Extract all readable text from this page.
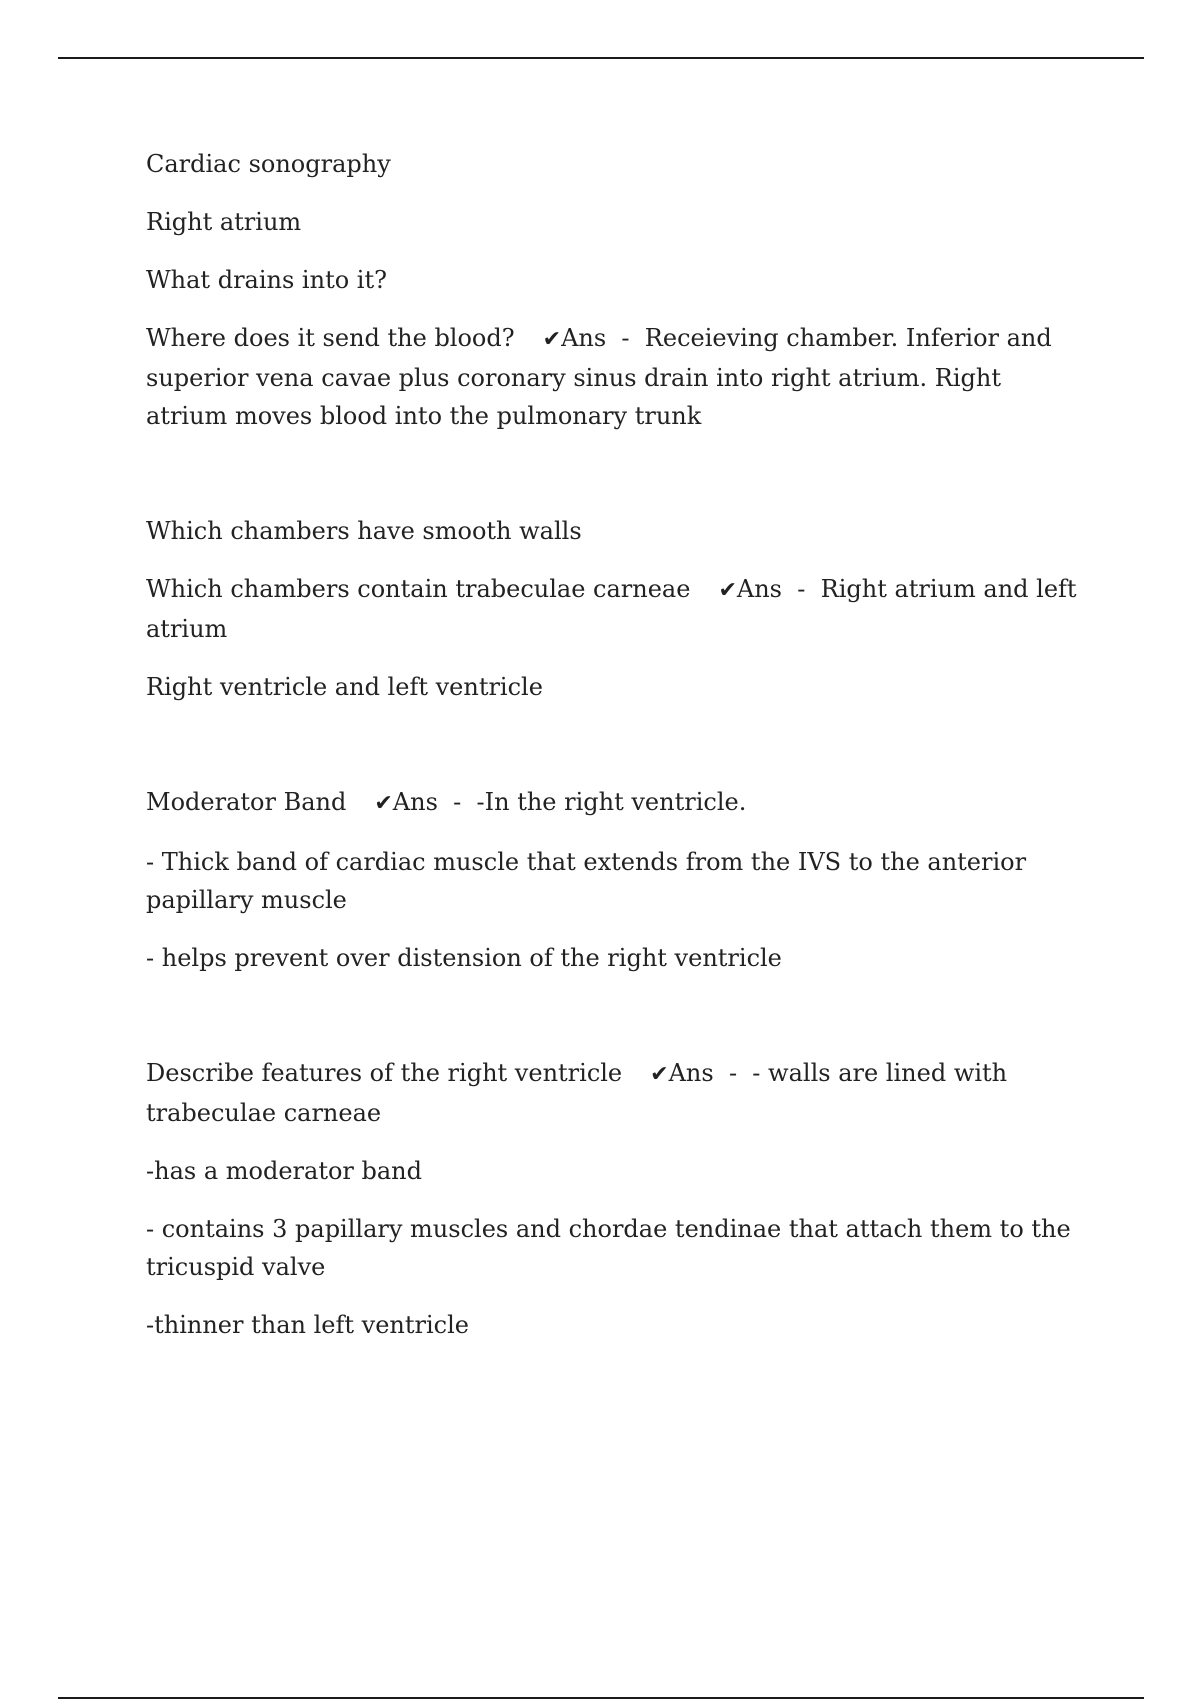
Cardiac sonography

Right atrium

What drains into it?

Where does it send the blood? ✔Ans  -  Receieving chamber. Inferior and superior vena cavae plus coronary sinus drain into right atrium. Right atrium moves blood into the pulmonary trunk

Which chambers have smooth walls

Which chambers contain trabeculae carneae ✔Ans  -  Right atrium and left atrium

Right ventricle and left ventricle

Moderator Band ✔Ans  -  -In the right ventricle.

- Thick band of cardiac muscle that extends from the IVS to the anterior papillary muscle

- helps prevent over distension of the right ventricle

Describe features of the right ventricle ✔Ans  -  - walls are lined with trabeculae carneae

-has a moderator band

- contains 3 papillary muscles and chordae tendinae that attach them to the tricuspid valve

-thinner than left ventricle
